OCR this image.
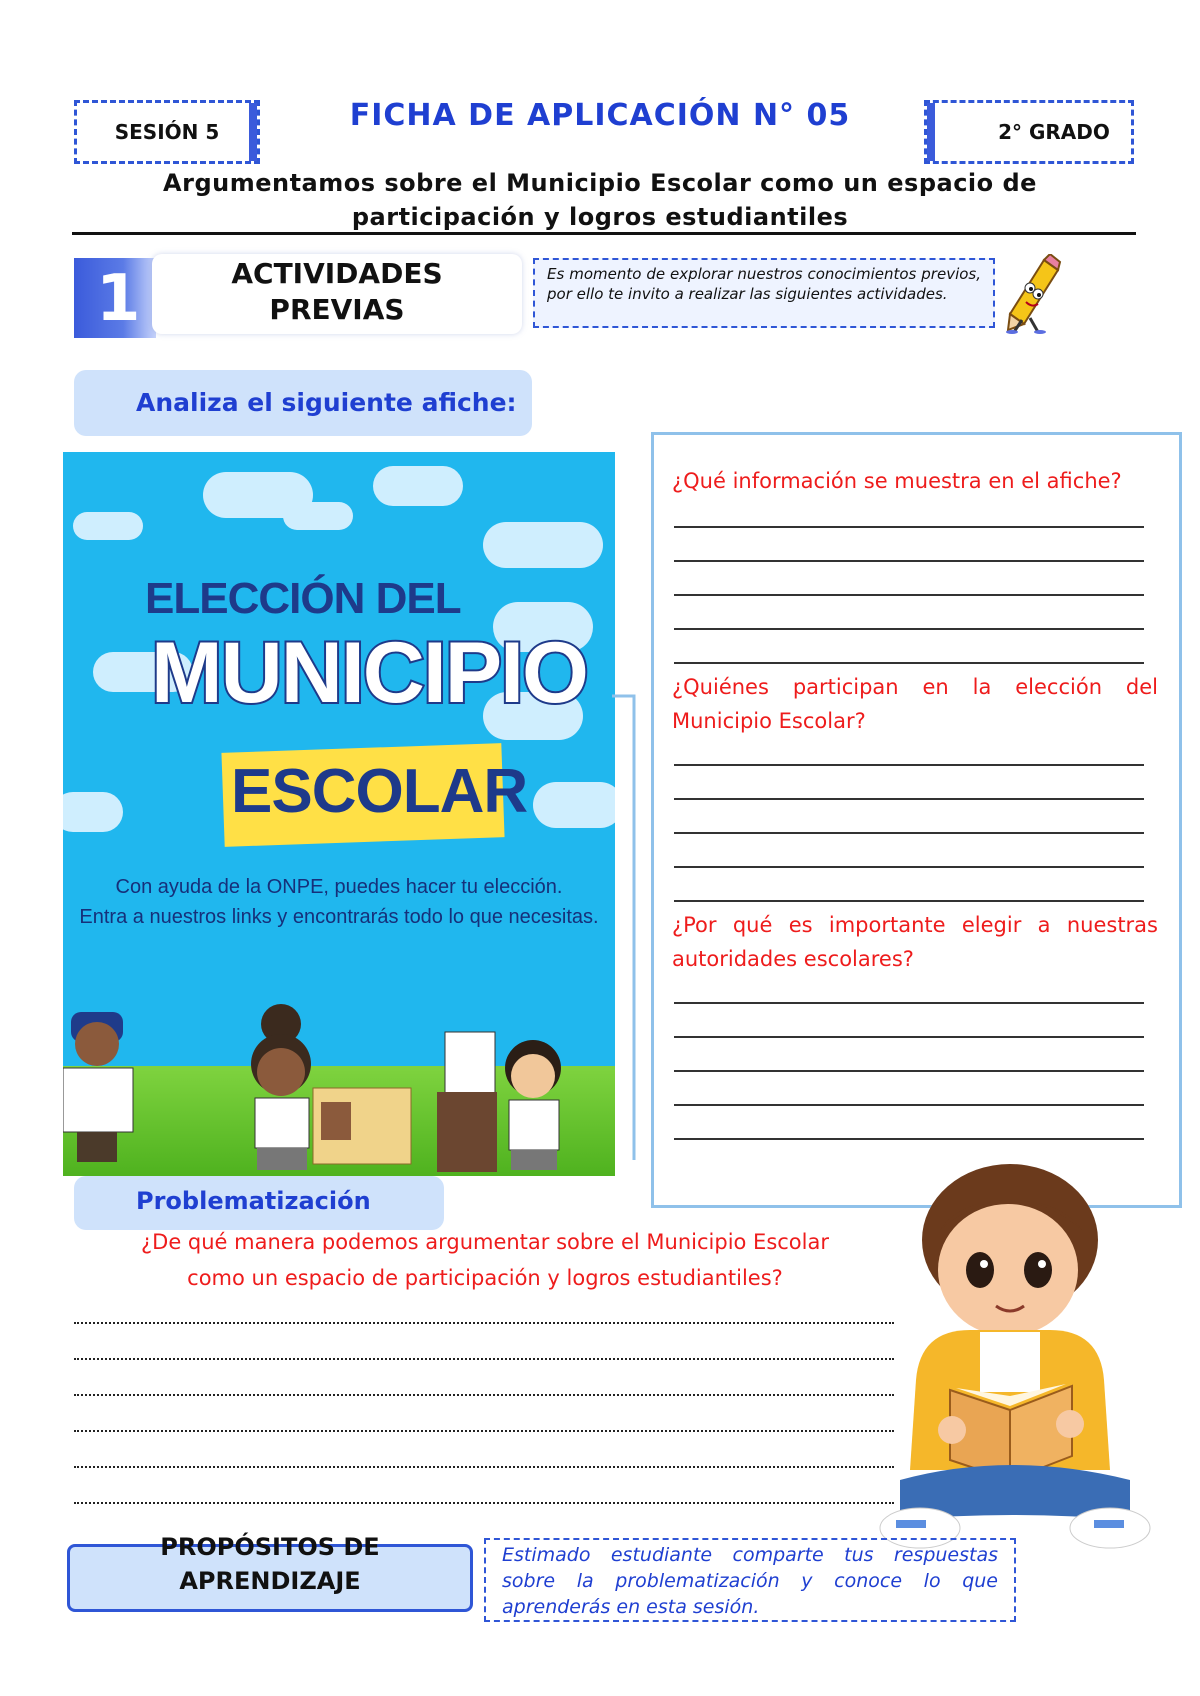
SESIÓN 5	FICHA DE APLICACIÓN N° 05	2° GRADO
Argumentamos sobre el Municipio Escolar como un espacio de
participación y logros estudiantiles
1	ACTIVIDADES
PREVIAS
Es momento de explorar nuestros conocimientos previos, por ello te invito a realizar las siguientes actividades.
Analiza el siguiente afiche:
ELECCIÓN DEL
MUNICIPIO
ESCOLAR
Con ayuda de la ONPE, puedes hacer tu elección.
Entra a nuestros links y encontrarás todo lo que necesitas.
¿Qué información se muestra en el afiche?
¿Quiénes participan en la elección del Municipio Escolar?
¿Por qué es importante elegir a nuestras autoridades escolares?
Problematización
¿De qué manera podemos argumentar sobre el Municipio Escolar
como un espacio de participación y logros estudiantiles?
PROPÓSITOS DE
APRENDIZAJE
Estimado estudiante comparte tus respuestas sobre la problematización y conoce lo que aprenderás en esta sesión.
